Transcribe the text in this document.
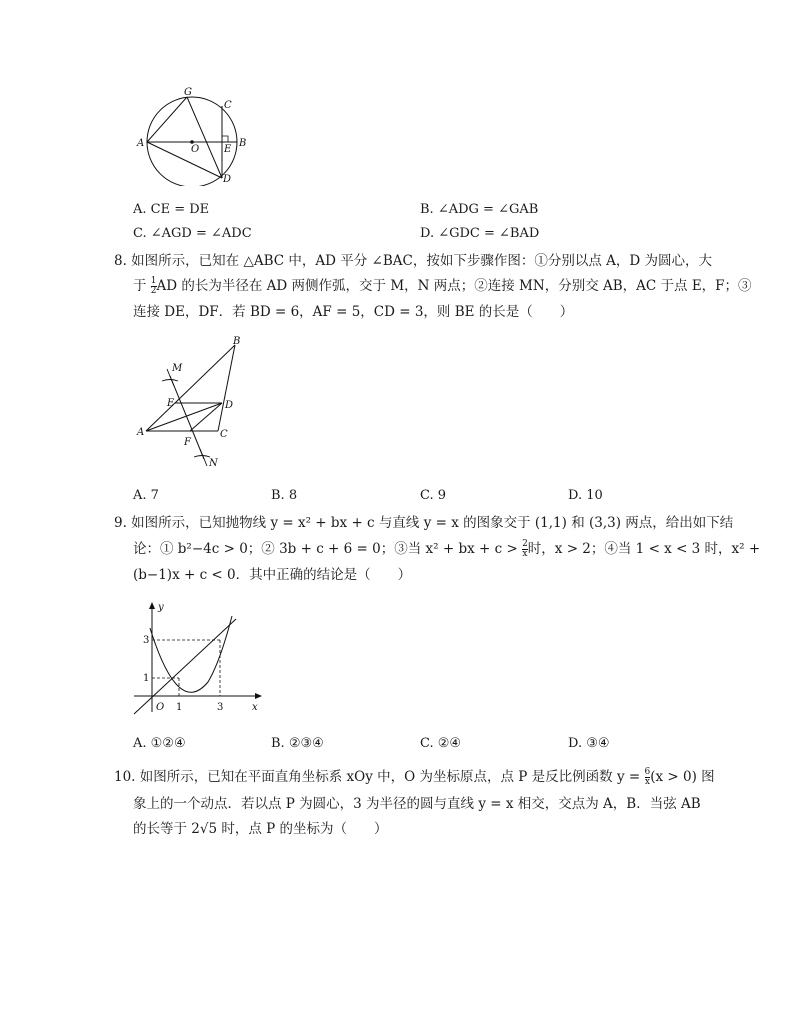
G
C
A
O E
B
D
A. CE = DE	B. ∠ADG = ∠GAB
C. ∠AGD = ∠ADC	D. ∠GDC = ∠BAD
8. 如图所示，已知在 △ABC 中，AD 平分 ∠BAC，按如下步骤作图：①分别以点 A，D 为圆心，大
于 $\frac{1}{2}$ AD 的长为半径在 AD 两侧作弧，交于 M，N 两点；②连接 MN，分别交 AB，AC 于点 E，F；③
连接 DE，DF．若 BD = 6，AF = 5，CD = 3，则 BE 的长是（　　）
B
M
E	D
A	C
F
N
A. 7	B. 8	C. 9	D. 10
9. 如图所示，已知抛物线 y = x² + bx + c 与直线 y = x 的图象交于 (1,1) 和 (3,3) 两点，给出如下结
论：① b²−4c > 0；② 3b + c + 6 = 0；③当 x² + bx + $c > \frac{2}{x}$ 时，x > 2；④当 1 < x < 3 时，x² +
(b−1)x + c < 0．其中正确的结论是（　　）
y
x
O 1	3
1
3
A. ①②④	B. ②③④	C. ②④	D. ③④
10. 如图所示，已知在平面直角坐标系 xOy 中，O 为坐标原点，点 P 是反比例函数 $y = \frac{6}{x} (x > 0)$ 图
象上的一个动点．若以点 P 为圆心，3 为半径的圆与直线 y = x 相交，交点为 A，B．当弦 AB
的长等于 2√5 时，点 P 的坐标为（　　）
